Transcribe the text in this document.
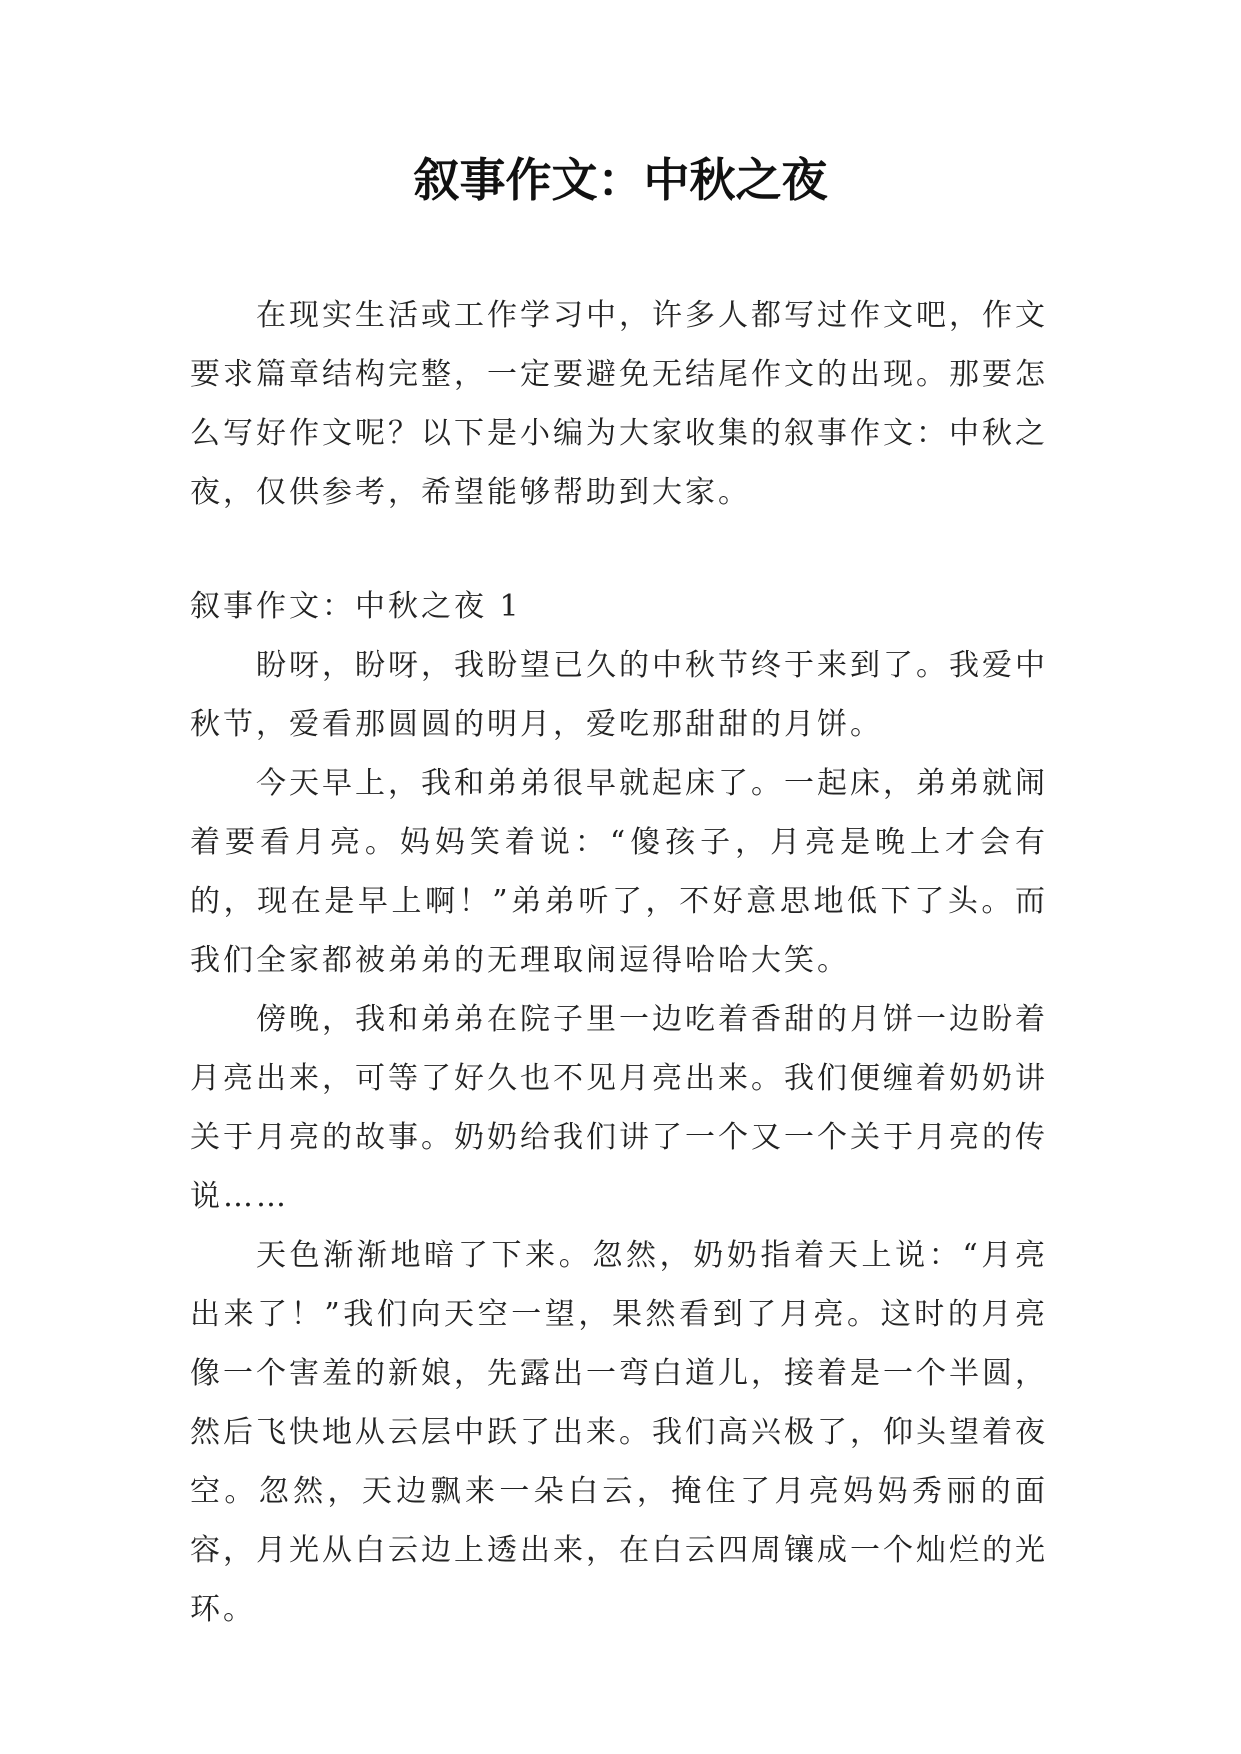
叙事作文：中秋之夜

在现实生活或工作学习中，许多人都写过作文吧，作文要求篇章结构完整，一定要避免无结尾作文的出现。那要怎么写好作文呢？以下是小编为大家收集的叙事作文：中秋之夜，仅供参考，希望能够帮助到大家。

叙事作文：中秋之夜 1

盼呀，盼呀，我盼望已久的中秋节终于来到了。我爱中秋节，爱看那圆圆的明月，爱吃那甜甜的月饼。

今天早上，我和弟弟很早就起床了。一起床，弟弟就闹着要看月亮。妈妈笑着说：“傻孩子，月亮是晚上才会有的，现在是早上啊！”弟弟听了，不好意思地低下了头。而我们全家都被弟弟的无理取闹逗得哈哈大笑。

傍晚，我和弟弟在院子里一边吃着香甜的月饼一边盼着月亮出来，可等了好久也不见月亮出来。我们便缠着奶奶讲关于月亮的故事。奶奶给我们讲了一个又一个关于月亮的传说……

天色渐渐地暗了下来。忽然，奶奶指着天上说：“月亮出来了！”我们向天空一望，果然看到了月亮。这时的月亮像一个害羞的新娘，先露出一弯白道儿，接着是一个半圆，然后飞快地从云层中跃了出来。我们高兴极了，仰头望着夜空。忽然，天边飘来一朵白云，掩住了月亮妈妈秀丽的面容，月光从白云边上透出来，在白云四周镶成一个灿烂的光环。
